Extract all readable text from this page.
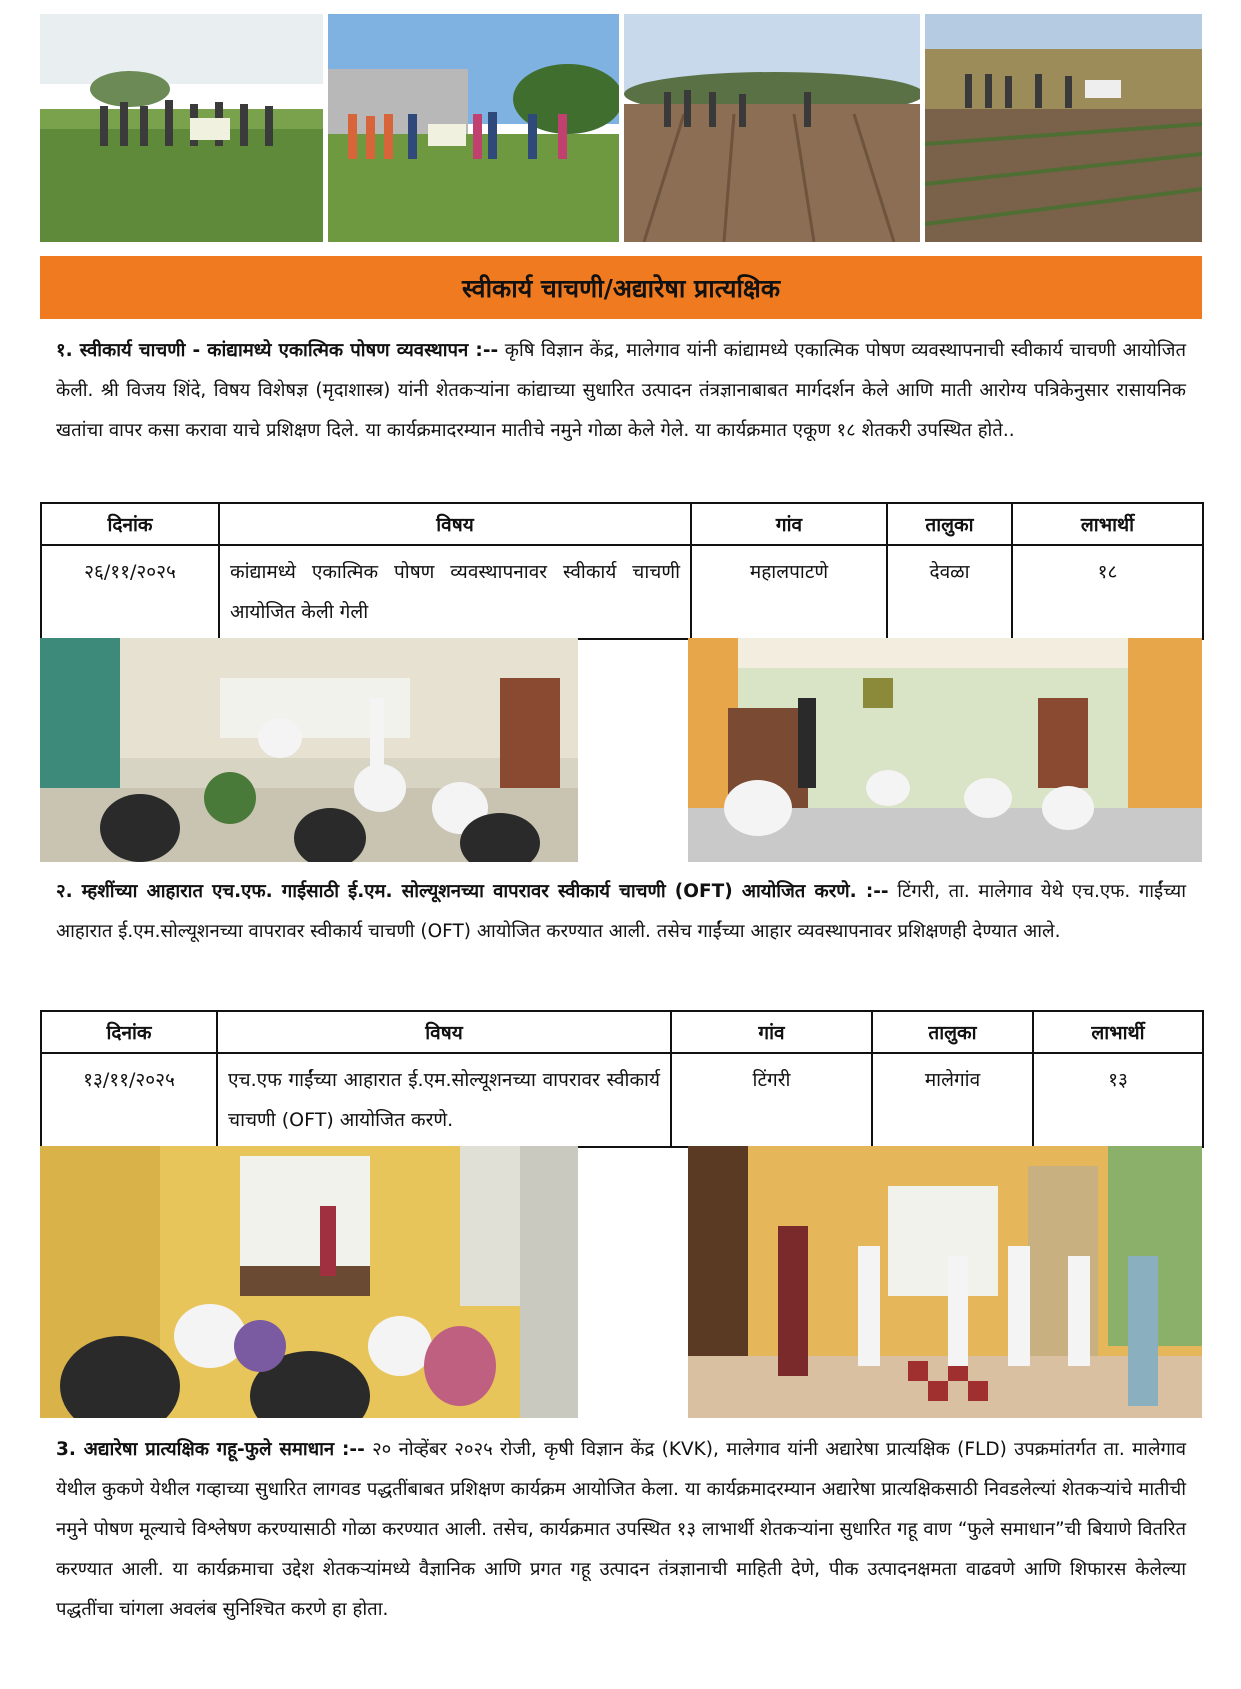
स्वीकार्य चाचणी/अद्यारेषा प्रात्यक्षिक
१. स्वीकार्य चाचणी - कांद्यामध्ये एकात्मिक पोषण व्यवस्थापन :-- कृषि विज्ञान केंद्र, मालेगाव यांनी कांद्यामध्ये एकात्मिक पोषण व्यवस्थापनाची स्वीकार्य चाचणी आयोजित केली. श्री विजय शिंदे, विषय विशेषज्ञ (मृदाशास्त्र) यांनी शेतकऱ्यांना कांद्याच्या सुधारित उत्पादन तंत्रज्ञानाबाबत मार्गदर्शन केले आणि माती आरोग्य पत्रिकेनुसार रासायनिक खतांचा वापर कसा करावा याचे प्रशिक्षण दिले. या कार्यक्रमादरम्यान मातीचे नमुने गोळा केले गेले. या कार्यक्रमात एकूण १८ शेतकरी उपस्थित होते..
दिनांक	विषय	गांव	तालुका	लाभार्थी
२६/११/२०२५	कांद्यामध्ये एकात्मिक पोषण व्यवस्थापनावर स्वीकार्य चाचणी आयोजित केली गेली	महालपाटणे	देवळा	१८
२. म्हशींच्या आहारात एच.एफ. गाईसाठी ई.एम. सोल्यूशनच्या वापरावर स्वीकार्य चाचणी (OFT) आयोजित करणे. :-- टिंगरी, ता. मालेगाव येथे एच.एफ. गाईंच्या आहारात ई.एम.सोल्यूशनच्या वापरावर स्वीकार्य चाचणी (OFT) आयोजित करण्यात आली. तसेच गाईंच्या आहार व्यवस्थापनावर प्रशिक्षणही देण्यात आले.
दिनांक	विषय	गांव	तालुका	लाभार्थी
१३/११/२०२५	एच.एफ गाईंच्या आहारात ई.एम.सोल्यूशनच्या वापरावर स्वीकार्य चाचणी (OFT) आयोजित करणे.	टिंगरी	मालेगांव	१३
3. अद्यारेषा प्रात्यक्षिक गहू-फुले समाधान :-- २० नोव्हेंबर २०२५ रोजी, कृषी विज्ञान केंद्र (KVK), मालेगाव यांनी अद्यारेषा प्रात्यक्षिक (FLD) उपक्रमांतर्गत ता. मालेगाव येथील कुकणे येथील गव्हाच्या सुधारित लागवड पद्धतींबाबत प्रशिक्षण कार्यक्रम आयोजित केला. या कार्यक्रमादरम्यान अद्यारेषा प्रात्यक्षिकसाठी निवडलेल्यां शेतकऱ्यांचे मातीची नमुने पोषण मूल्याचे विश्लेषण करण्यासाठी गोळा करण्यात आली. तसेच, कार्यक्रमात उपस्थित १३ लाभार्थी शेतकऱ्यांना सुधारित गहू वाण “फुले समाधान”ची बियाणे वितरित करण्यात आली. या कार्यक्रमाचा उद्देश शेतकऱ्यांमध्ये वैज्ञानिक आणि प्रगत गहू उत्पादन तंत्रज्ञानाची माहिती देणे, पीक उत्पादनक्षमता वाढवणे आणि शिफारस केलेल्या पद्धतींचा चांगला अवलंब सुनिश्चित करणे हा होता.
